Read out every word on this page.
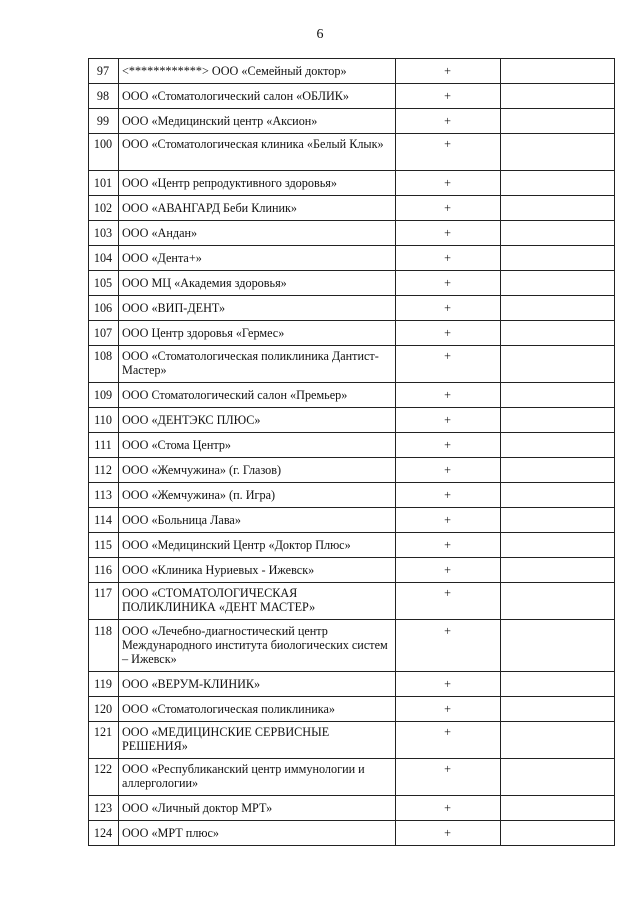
6
97	<************> ООО «Семейный доктор»	+	
98	ООО «Стоматологический салон «ОБЛИК»	+	
99	ООО «Медицинский центр «Аксион»	+	
100	ООО «Стоматологическая клиника «Белый Клык»	+	
101	ООО «Центр репродуктивного здоровья»	+	
102	ООО «АВАНГАРД Беби Клиник»	+	
103	ООО «Андан»	+	
104	ООО «Дента+»	+	
105	ООО МЦ «Академия здоровья»	+	
106	ООО «ВИП-ДЕНТ»	+	
107	ООО Центр здоровья «Гермес»	+	
108	ООО «Стоматологическая поликлиника Дантист-Мастер»	+	
109	ООО Стоматологический салон «Премьер»	+	
110	ООО «ДЕНТЭКС ПЛЮС»	+	
111	ООО «Стома Центр»	+	
112	ООО «Жемчужина» (г. Глазов)	+	
113	ООО «Жемчужина» (п. Игра)	+	
114	ООО «Больница Лава»	+	
115	ООО «Медицинский Центр «Доктор Плюс»	+	
116	ООО «Клиника Нуриевых - Ижевск»	+	
117	ООО «СТОМАТОЛОГИЧЕСКАЯ ПОЛИКЛИНИКА «ДЕНТ МАСТЕР»	+	
118	ООО «Лечебно-диагностический центр Международного института биологических систем – Ижевск»	+	
119	ООО «ВЕРУМ-КЛИНИК»	+	
120	ООО «Стоматологическая поликлиника»	+	
121	ООО «МЕДИЦИНСКИЕ СЕРВИСНЫЕ РЕШЕНИЯ»	+	
122	ООО «Республиканский центр иммунологии и аллергологии»	+	
123	ООО «Личный доктор МРТ»	+	
124	ООО «МРТ плюс»	+	
